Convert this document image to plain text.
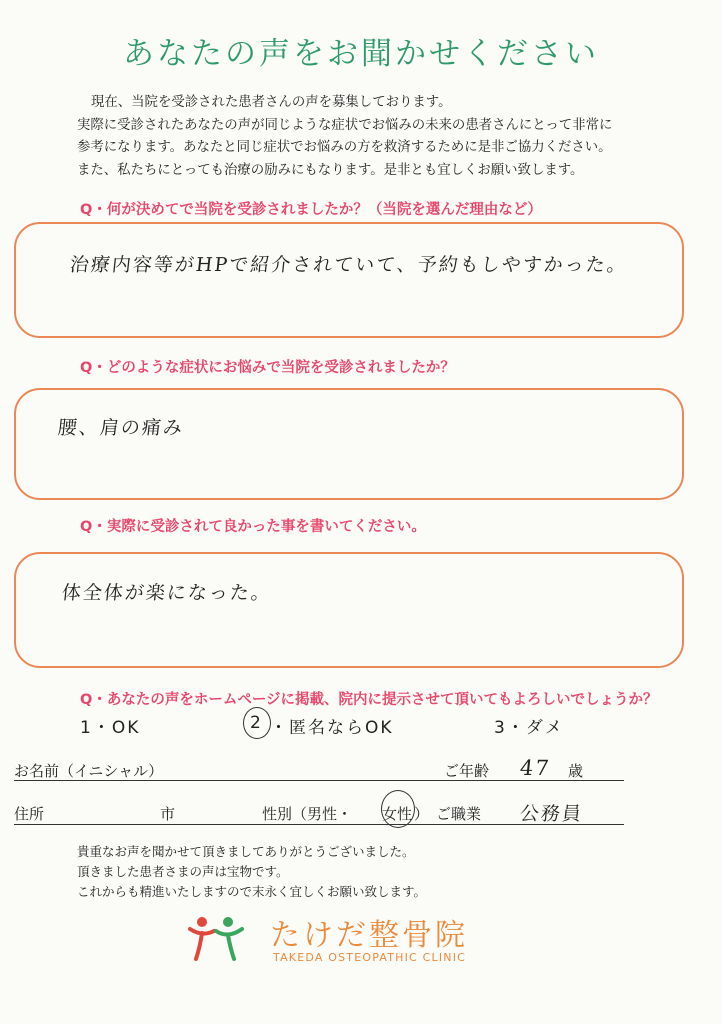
あなたの声をお聞かせください
現在、当院を受診された患者さんの声を募集しております。
実際に受診されたあなたの声が同じような症状でお悩みの未来の患者さんにとって非常に
参考になります。あなたと同じ症状でお悩みの方を救済するために是非ご協力ください。
また、私たちにとっても治療の励みにもなります。是非とも宜しくお願い致します。
Q・何が決めてで当院を受診されましたか？（当院を選んだ理由など）
治療内容等がHPで紹介されていて、予約もしやすかった。
Q・どのような症状にお悩みで当院を受診されましたか？
腰、肩の痛み
Q・実際に受診されて良かった事を書いてください。
体全体が楽になった。
Q・あなたの声をホームページに掲載、院内に提示させて頂いてもよろしいでしょうか？
1・OK	2 ・匿名ならOK	3・ダメ
お名前（イニシャル）	ご年齢 47 歳
住所	市	性別（男性・ 女性 ） ご職業 公務員
貴重なお声を聞かせて頂きましてありがとうございました。
頂きました患者さまの声は宝物です。
これからも精進いたしますので末永く宜しくお願い致します。
たけだ整骨院
TAKEDA OSTEOPATHIC CLINIC
